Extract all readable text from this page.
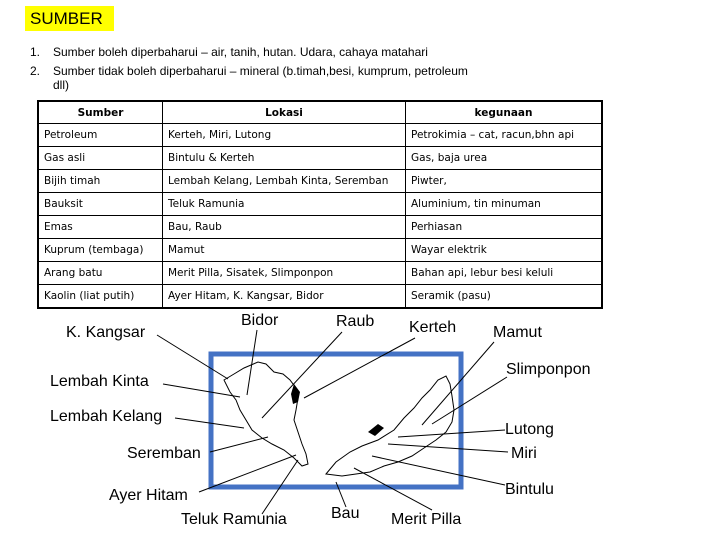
SUMBER
1. Sumber boleh diperbaharui – air, tanih, hutan. Udara, cahaya matahari
2. Sumber tidak boleh diperbaharui – mineral (b.timah,besi, kumprum, petroleum dll)
Sumber	Lokasi	kegunaan
Petroleum	Kerteh, Miri, Lutong	Petrokimia – cat, racun,bhn api
Gas asli	Bintulu & Kerteh	Gas, baja urea
Bijih timah	Lembah Kelang, Lembah Kinta, Seremban	Piwter,
Bauksit	Teluk Ramunia	Aluminium, tin minuman
Emas	Bau, Raub	Perhiasan
Kuprum (tembaga)	Mamut	Wayar elektrik
Arang batu	Merit Pilla, Sisatek, Slimponpon	Bahan api, lebur besi keluli
Kaolin (liat putih)	Ayer Hitam, K. Kangsar, Bidor	Seramik (pasu)
Bidor	Raub Kerteh Mamut
K. Kangsar
Slimponpon
Lembah Kinta
Lembah Kelang
Lutong
Seremban	Miri
Bintulu
Ayer Hitam
Bau
Teluk Ramunia	Merit Pilla
